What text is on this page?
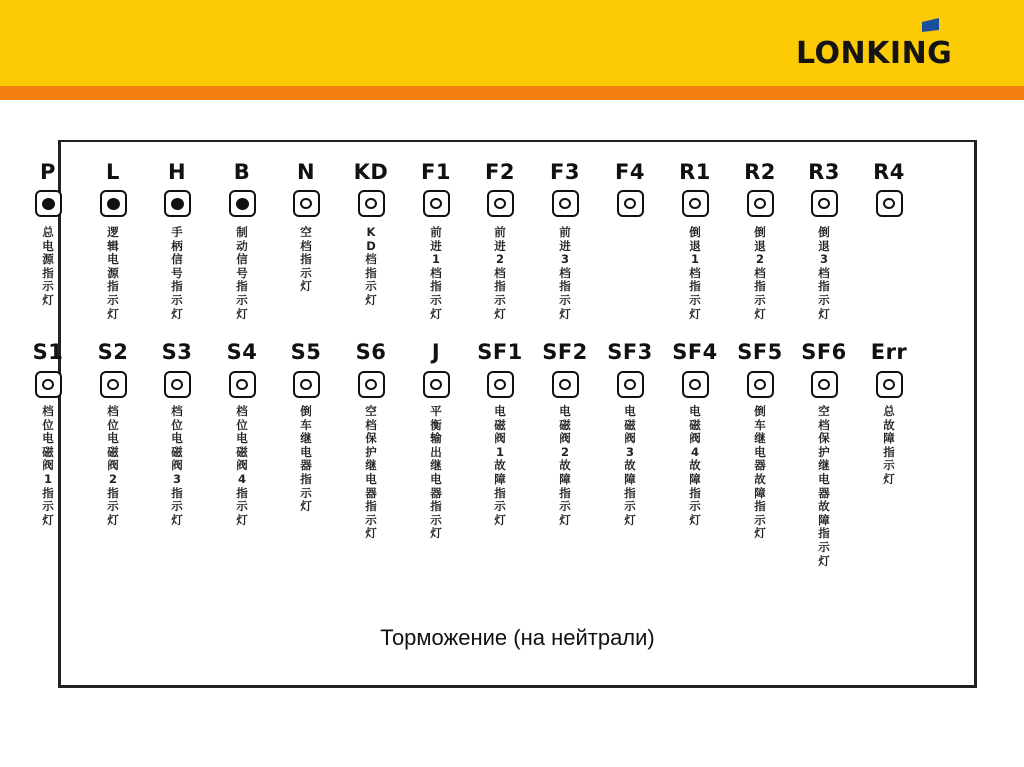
LONKING
P
总电源指示灯
L
逻辑电源指示灯
H
手柄信号指示灯
B
制动信号指示灯
N
空档指示灯
KD
KD档指示灯
F1
前进1档指示灯
F2
前进2档指示灯
F3
前进3档指示灯
F4	R1
倒退1档指示灯
R2
倒退2档指示灯
R3
倒退3档指示灯
R4
S1
档位电磁阀1指示灯
S2
档位电磁阀2指示灯
S3
档位电磁阀3指示灯
S4
档位电磁阀4指示灯
S5
倒车继电器指示灯
S6
空档保护继电器指示灯
J
平衡输出继电器指示灯
SF1
电磁阀1故障指示灯
SF2
电磁阀2故障指示灯
SF3
电磁阀3故障指示灯
SF4
电磁阀4故障指示灯
SF5
倒车继电器故障指示灯
SF6
空档保护继电器故障指示灯
Err
总故障指示灯
Торможение (на нейтрали)
